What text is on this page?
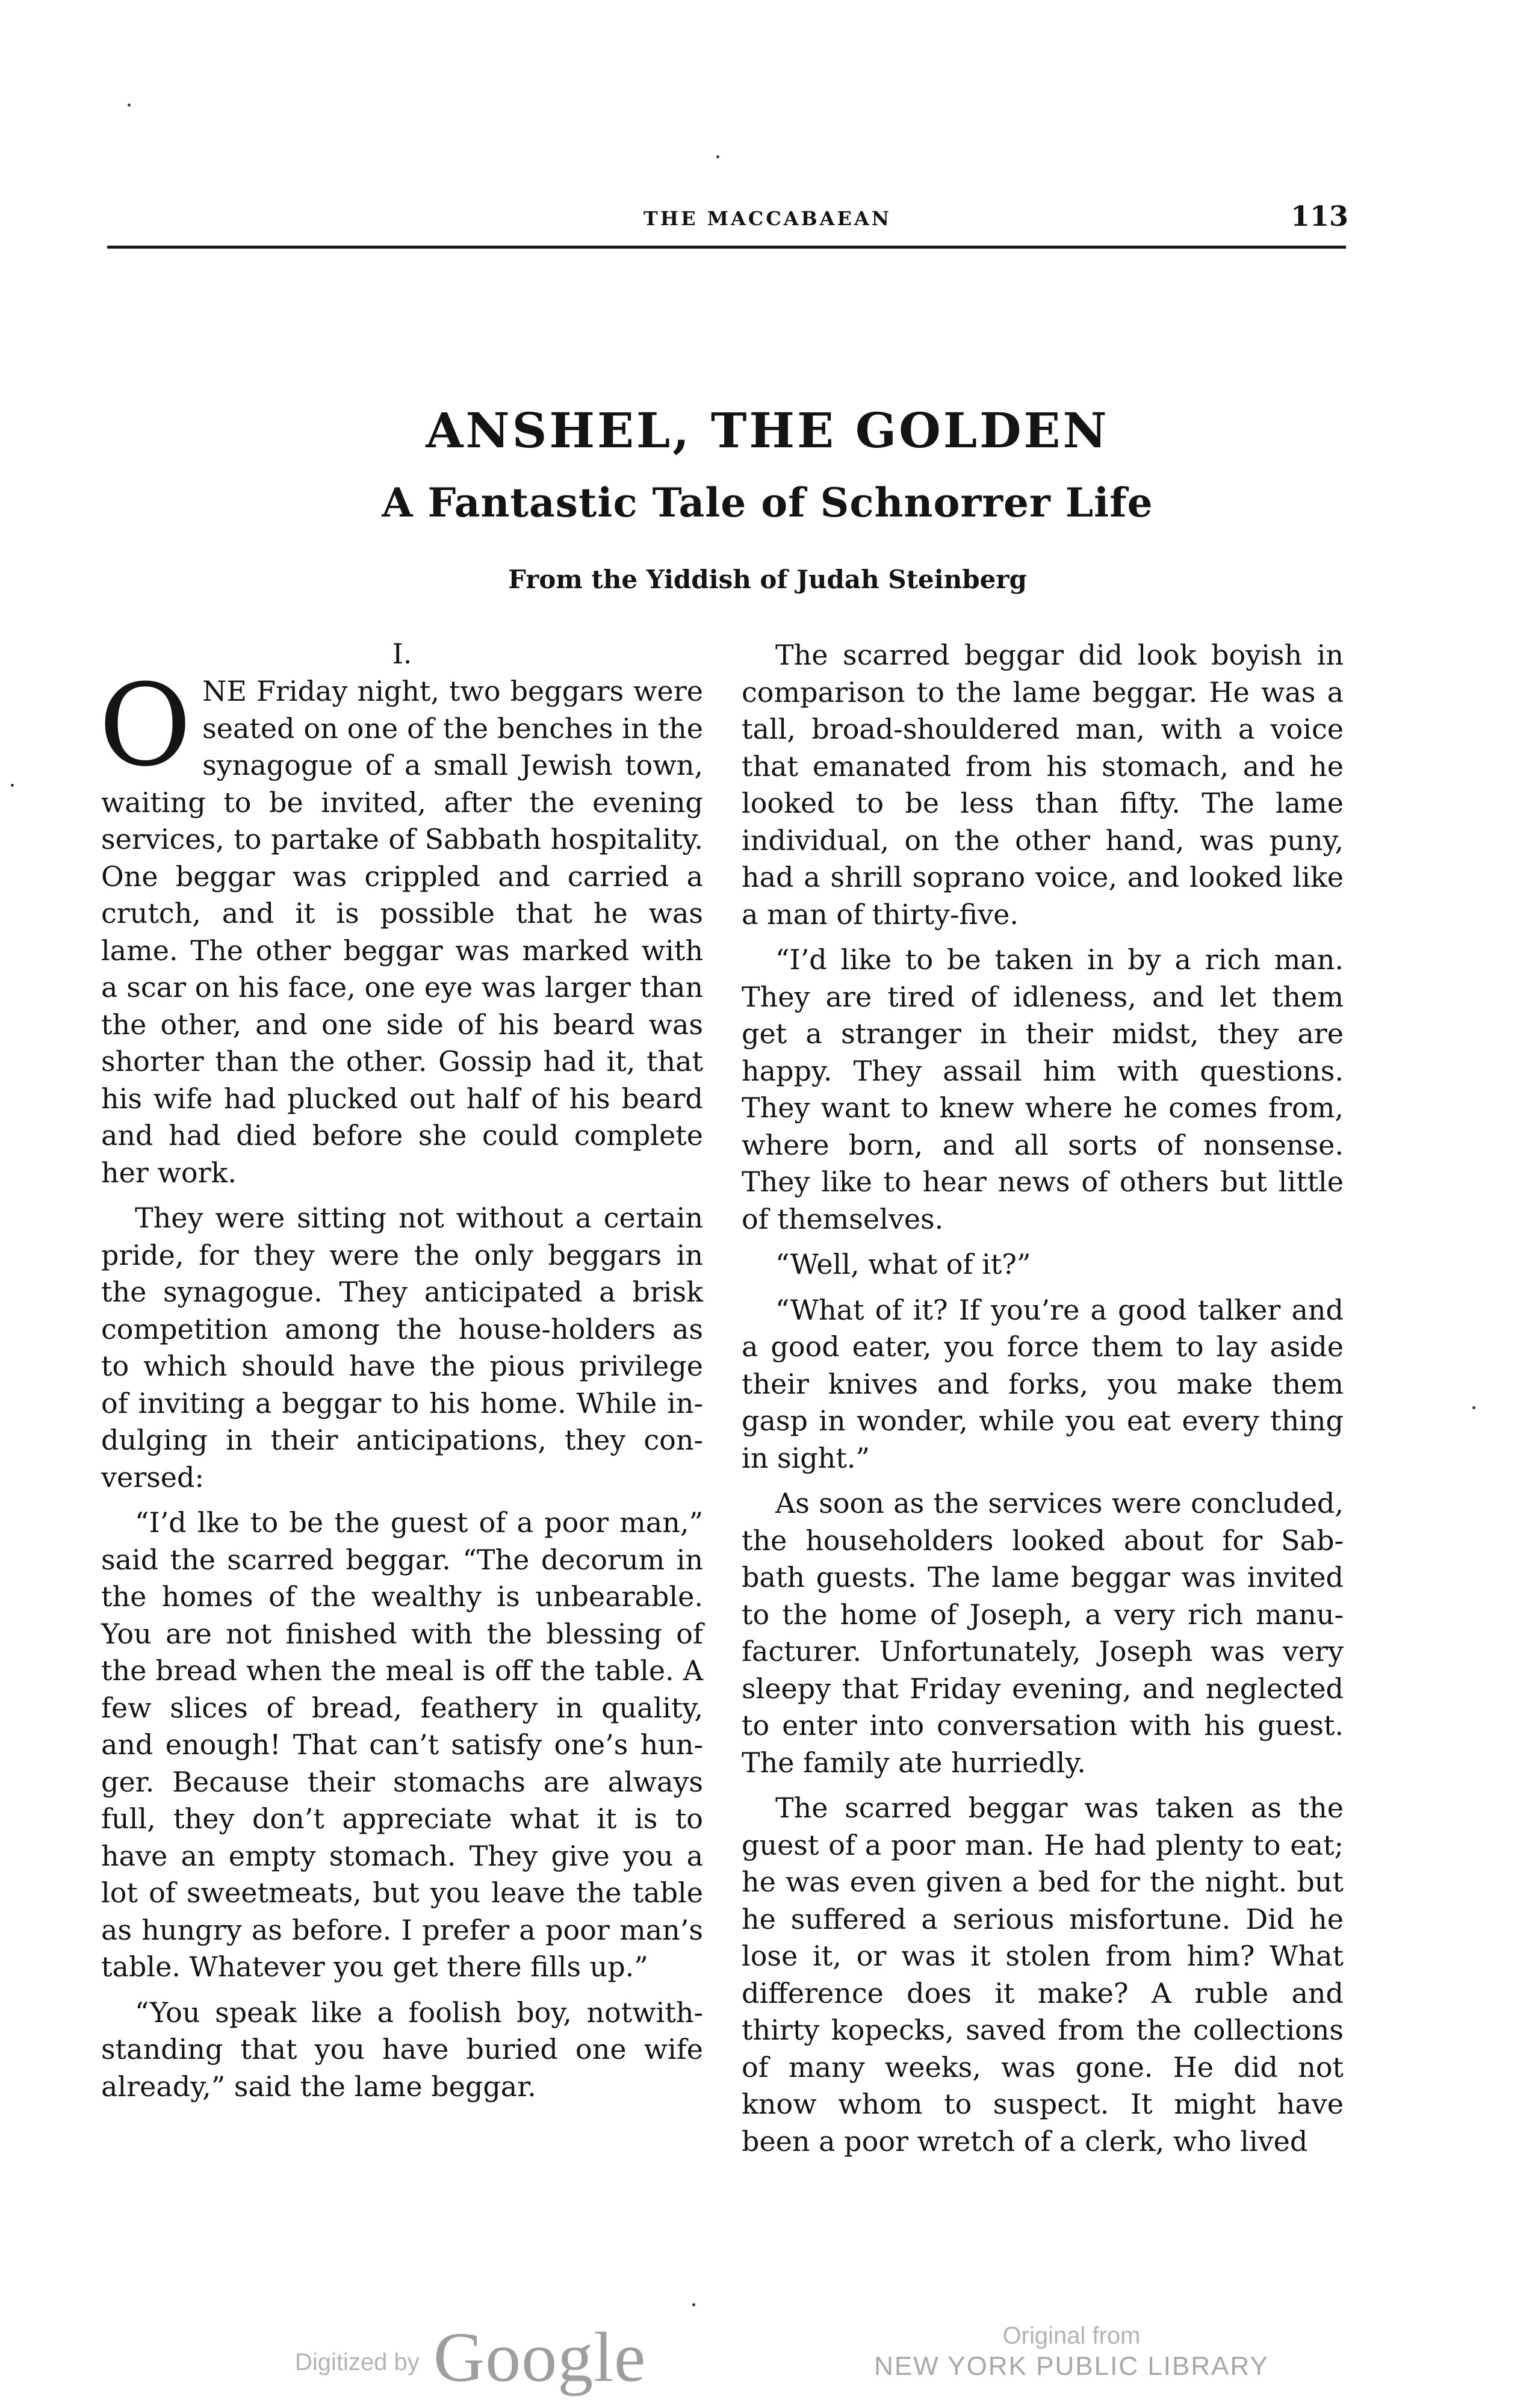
THE MACCABAEAN	113
ANSHEL, THE GOLDEN
A Fantastic Tale of Schnorrer Life
From the Yiddish of Judah Steinberg
I.

ONE Friday night, two beggars were seated on one of the benches in the synagogue of a small Jewish town, waiting to be invited, after the evening services, to partake of Sabbath hospitality. One beggar was crippled and carried a crutch, and it is possible that he was lame. The other beggar was marked with a scar on his face, one eye was larger than the other, and one side of his beard was shorter than the other. Gossip had it, that his wife had plucked out half of his beard and had died before she could complete her work.

They were sitting not without a certain pride, for they were the only beggars in the synagogue. They anticipated a brisk competition among the house-holders as to which should have the pious privilege of inviting a beggar to his home. While indulging in their anticipations, they conversed:

“I’d lke to be the guest of a poor man,” said the scarred beggar. “The decorum in the homes of the wealthy is unbearable. You are not finished with the blessing of the bread when the meal is off the table. A few slices of bread, feathery in quality, and enough! That can’t satisfy one’s hunger. Because their stomachs are always full, they don’t appreciate what it is to have an empty stomach. They give you a lot of sweetmeats, but you leave the table as hungry as before. I prefer a poor man’s table. Whatever you get there fills up.”

“You speak like a foolish boy, notwithstanding that you have buried one wife already,” said the lame beggar.

The scarred beggar did look boyish in comparison to the lame beggar. He was a tall, broad-shouldered man, with a voice that emanated from his stomach, and he looked to be less than fifty. The lame individual, on the other hand, was puny, had a shrill soprano voice, and looked like a man of thirty-five.

“I’d like to be taken in by a rich man. They are tired of idleness, and let them get a stranger in their midst, they are happy. They assail him with questions. They want to knew where he comes from, where born, and all sorts of nonsense. They like to hear news of others but little of themselves.

“Well, what of it?”

“What of it? If you’re a good talker and a good eater, you force them to lay aside their knives and forks, you make them gasp in wonder, while you eat every thing in sight.”

As soon as the services were concluded, the householders looked about for Sabbath guests. The lame beggar was invited to the home of Joseph, a very rich manufacturer. Unfortunately, Joseph was very sleepy that Friday evening, and neglected to enter into conversation with his guest. The family ate hurriedly.

The scarred beggar was taken as the guest of a poor man. He had plenty to eat; he was even given a bed for the night. but he suffered a serious misfortune. Did he lose it, or was it stolen from him? What difference does it make? A ruble and thirty kopecks, saved from the collections of many weeks, was gone. He did not know whom to suspect. It might have been a poor wretch of a clerk, who lived

Digitized by Google	Original from
NEW YORK PUBLIC LIBRARY
